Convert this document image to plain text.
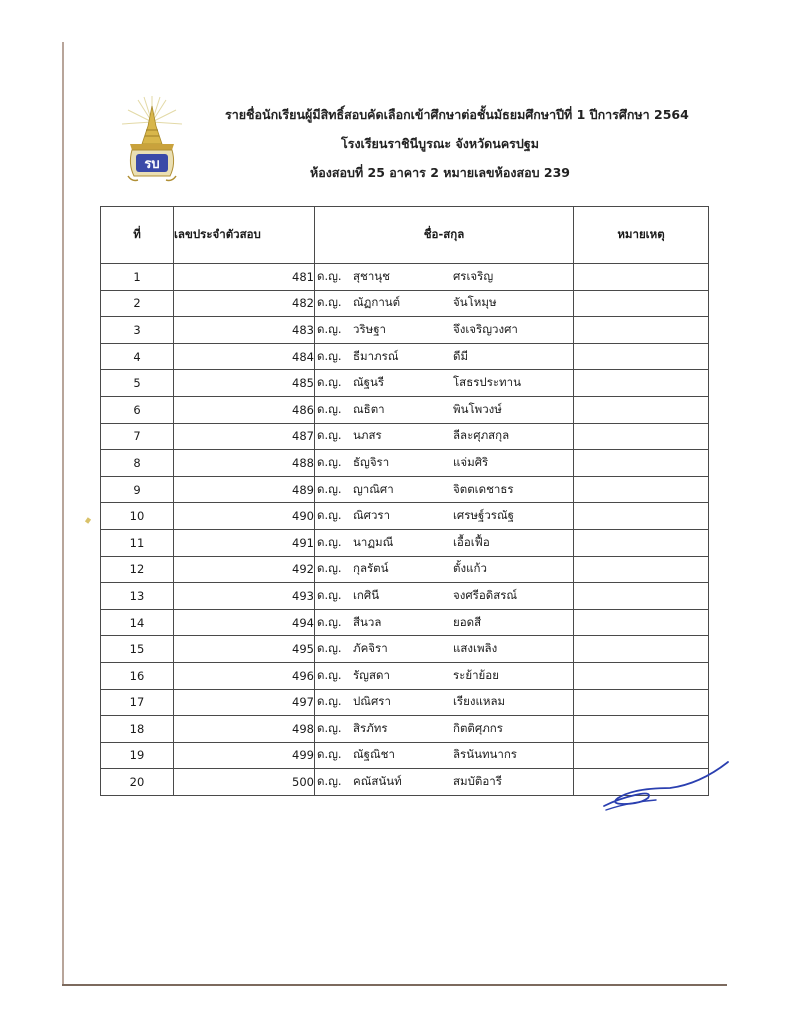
รบ
รายชื่อนักเรียนผู้มีสิทธิ์สอบคัดเลือกเข้าศึกษาต่อชั้นมัธยมศึกษาปีที่ 1 ปีการศึกษา 2564
โรงเรียนราชินีบูรณะ จังหวัดนครปฐม
ห้องสอบที่ 25 อาคาร 2 หมายเลขห้องสอบ 239
ที่	เลขประจำตัวสอบ	ชื่อ-สกุล	หมายเหตุ
1	481	ด.ญ. สุชานุช ศรเจริญ	

2	482	ด.ญ. ณัฏกานต์ จันโหมุษ	

3	483	ด.ญ. วริษฐา จึงเจริญวงศา	

4	484	ด.ญ. ธีมาภรณ์ ดีมี	

5	485	ด.ญ. ณัฐนรี โสธรประทาน	

6	486	ด.ญ. ณธิตา พินโพวงษ์	

7	487	ด.ญ. นภสร ลีละศุภสกุล	

8	488	ด.ญ. ธัญจิรา แจ่มศิริ	

9	489	ด.ญ. ญาณิศา จิตตเดชาธร	

10	490	ด.ญ. ณิศวรา เศรษฐ์วรณัฐ	

11	491	ด.ญ. นาฏมณี เอื้อเฟื้อ	

12	492	ด.ญ. กุลรัตน์ ตั้งแก้ว	

13	493	ด.ญ. เกศินี จงศรีอดิสรณ์	

14	494	ด.ญ. สีนวล ยอดสี	

15	495	ด.ญ. ภัคจิรา แสงเพลิง	

16	496	ด.ญ. รัญสดา ระย้าย้อย	

17	497	ด.ญ. ปณิศรา เรียงแหลม	

18	498	ด.ญ. สิรภัทร กิตติศุภกร	

19	499	ด.ญ. ณัฐณิชา ลิรนันทนากร	

20	500	ด.ญ. คณัสนันท์ สมบัติอารี	
